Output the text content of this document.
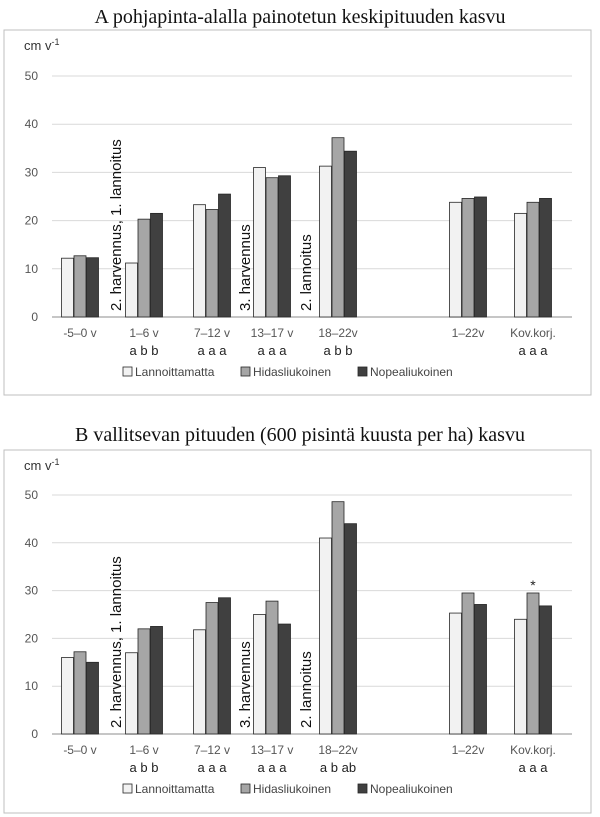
A pohjapinta-alalla painotetun keskipituuden kasvu
B vallitsevan pituuden (600 pisintä kuusta per ha) kasvu
cm $v^{-1}$
0
10
20
30
40
50
-5–0 v	1–6 v
a b b
7–12 v
a a a
13–17 v
a a a
18–22v
a b b
1–22v Kov.korj.
a a a
2. harvennus, 1. lannoitus	3. harvennus	2. lannoitus
Lannoittamatta	Hidasliukoinen	Nopealiukoinen
cm $v^{-1}$
0
10
20
30
40
50
-5–0 v	1–6 v
a b b
7–12 v
a a a
13–17 v
a a a
18–22v
a b ab
1–22v Kov.korj.
a a a
*
2. harvennus, 1. lannoitus	3. harvennus	2. lannoitus
Lannoittamatta	Hidasliukoinen	Nopealiukoinen
